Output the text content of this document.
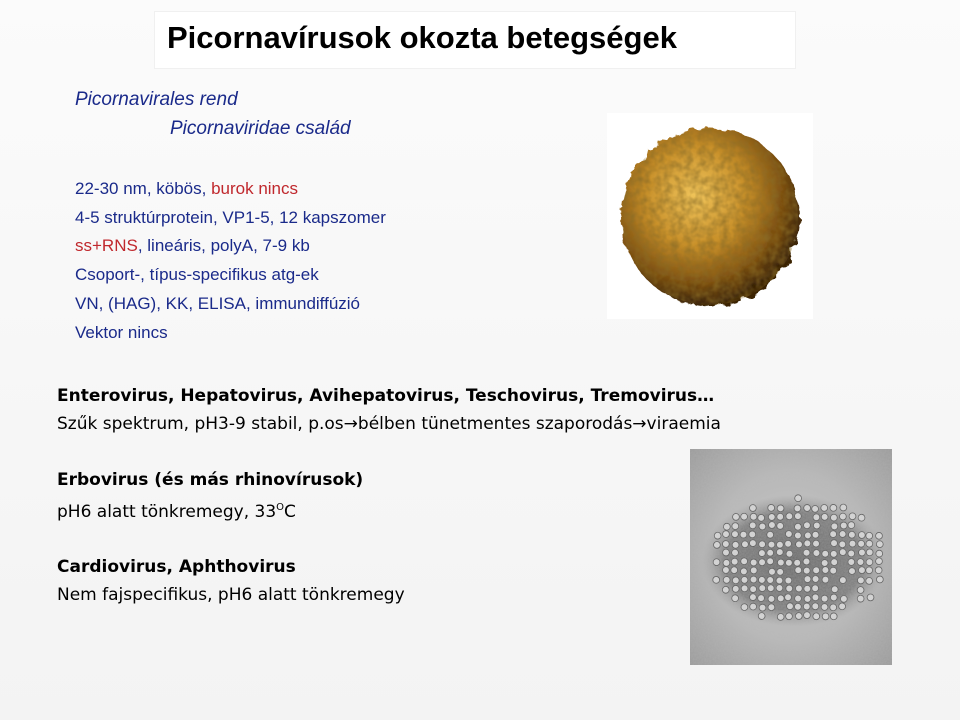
Picornavírusok okozta betegségek
Picornavirales rend
Picornaviridae család
22-30 nm, köbös, burok nincs
4-5 struktúrprotein, VP1-5, 12 kapszomer
ss+RNS, lineáris, polyA, 7-9 kb
Csoport-, típus-specifikus atg-ek
VN, (HAG), KK, ELISA, immundiffúzió
Vektor nincs
Enterovirus, Hepatovirus, Avihepatovirus, Teschovirus, Tremovirus…
Szűk spektrum, pH3-9 stabil, p.os→bélben tünetmentes szaporodás→viraemia
Erbovirus (és más rhinovírusok)
pH6 alatt tönkremegy, $33^OC$
Cardiovirus, Aphthovirus
Nem fajspecifikus, pH6 alatt tönkremegy
